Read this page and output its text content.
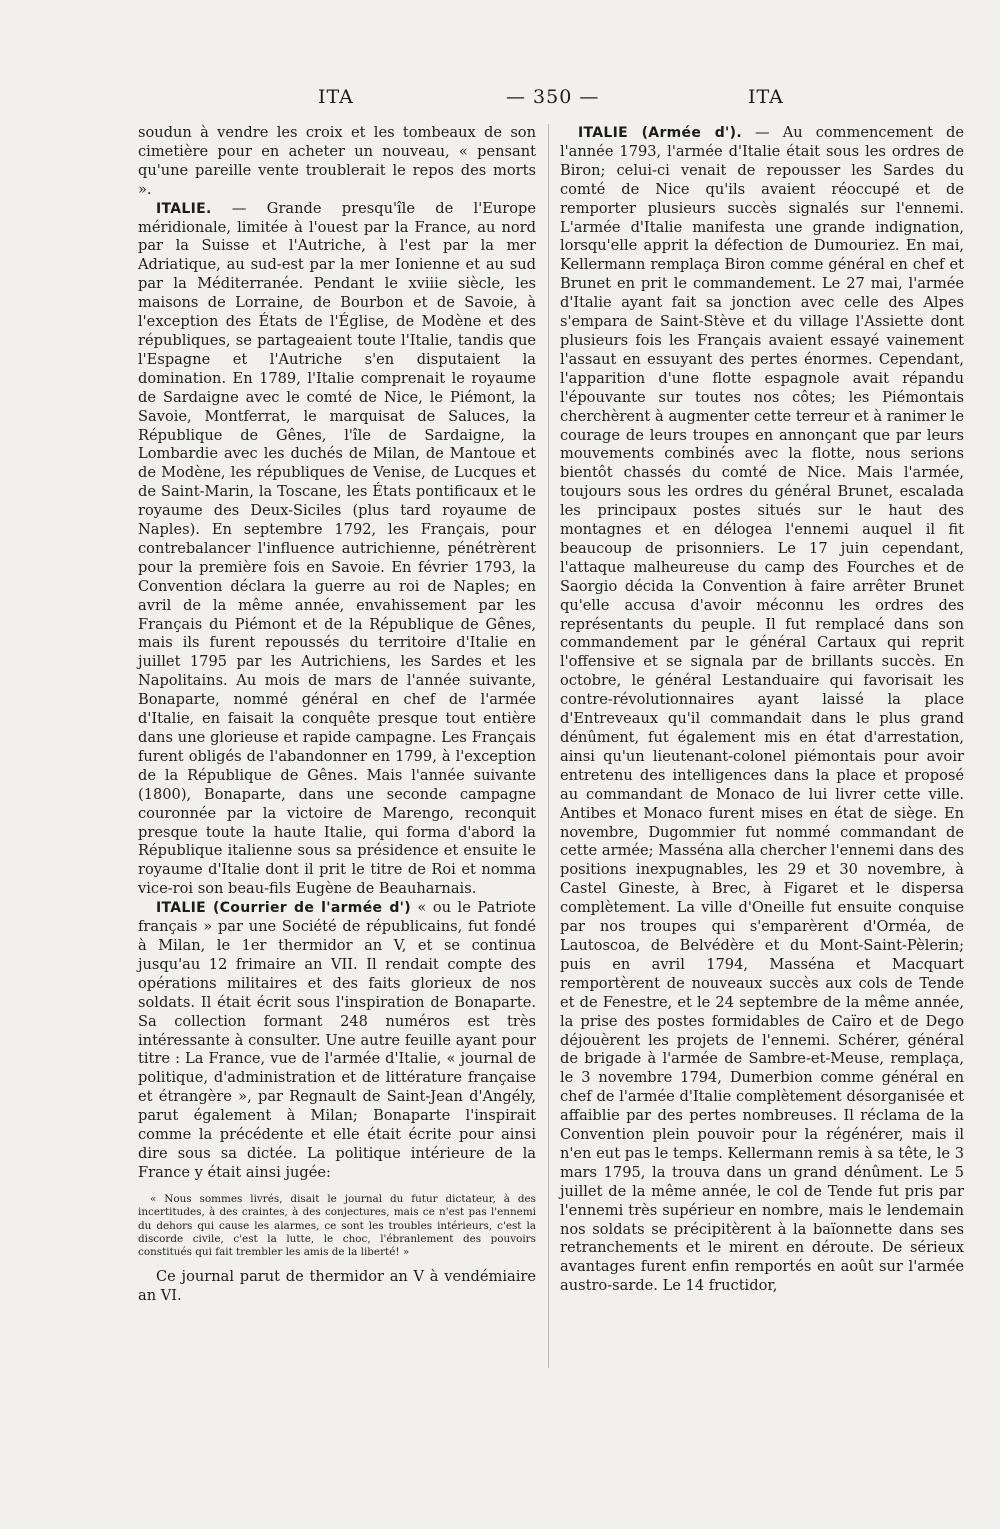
ITA	— 350 —	ITA

soudun à vendre les croix et les tombeaux de son cimetière pour en acheter un nouveau, « pensant qu'une pareille vente troublerait le repos des morts ».

ITALIE. — Grande presqu'île de l'Europe méridionale, limitée à l'ouest par la France, au nord par la Suisse et l'Autriche, à l'est par la mer Adriatique, au sud-est par la mer Ionienne et au sud par la Méditerranée. Pendant le xviiie siècle, les maisons de Lorraine, de Bourbon et de Savoie, à l'exception des États de l'Église, de Modène et des républiques, se partageaient toute l'Italie, tandis que l'Espagne et l'Autriche s'en disputaient la domination. En 1789, l'Italie comprenait le royaume de Sardaigne avec le comté de Nice, le Piémont, la Savoie, Montferrat, le marquisat de Saluces, la République de Gênes, l'île de Sardaigne, la Lombardie avec les duchés de Milan, de Mantoue et de Modène, les républiques de Venise, de Lucques et de Saint-Marin, la Toscane, les États pontificaux et le royaume des Deux-Siciles (plus tard royaume de Naples). En septembre 1792, les Français, pour contrebalancer l'influence autrichienne, pénétrèrent pour la première fois en Savoie. En février 1793, la Convention déclara la guerre au roi de Naples; en avril de la même année, envahissement par les Français du Piémont et de la République de Gênes, mais ils furent repoussés du territoire d'Italie en juillet 1795 par les Autrichiens, les Sardes et les Napolitains. Au mois de mars de l'année suivante, Bonaparte, nommé général en chef de l'armée d'Italie, en faisait la conquête presque tout entière dans une glorieuse et rapide campagne. Les Français furent obligés de l'abandonner en 1799, à l'exception de la République de Gênes. Mais l'année suivante (1800), Bonaparte, dans une seconde campagne couronnée par la victoire de Marengo, reconquit presque toute la haute Italie, qui forma d'abord la République italienne sous sa présidence et ensuite le royaume d'Italie dont il prit le titre de Roi et nomma vice-roi son beau-fils Eugène de Beauharnais.

ITALIE (Courrier de l'armée d') « ou le Patriote français » par une Société de républicains, fut fondé à Milan, le 1er thermidor an V, et se continua jusqu'au 12 frimaire an VII. Il rendait compte des opérations militaires et des faits glorieux de nos soldats. Il était écrit sous l'inspiration de Bonaparte. Sa collection formant 248 numéros est très intéressante à consulter. Une autre feuille ayant pour titre : La France, vue de l'armée d'Italie, « journal de politique, d'administration et de littérature française et étrangère », par Regnault de Saint-Jean d'Angély, parut également à Milan; Bonaparte l'inspirait comme la précédente et elle était écrite pour ainsi dire sous sa dictée. La politique intérieure de la France y était ainsi jugée:

« Nous sommes livrés, disait le journal du futur dictateur, à des incertitudes, à des craintes, à des conjectures, mais ce n'est pas l'ennemi du dehors qui cause les alarmes, ce sont les troubles intérieurs, c'est la discorde civile, c'est la lutte, le choc, l'ébranlement des pouvoirs constitués qui fait trembler les amis de la liberté! »

Ce journal parut de thermidor an V à vendémiaire an VI.

ITALIE (Armée d'). — Au commencement de l'année 1793, l'armée d'Italie était sous les ordres de Biron; celui-ci venait de repousser les Sardes du comté de Nice qu'ils avaient réoccupé et de remporter plusieurs succès signalés sur l'ennemi. L'armée d'Italie manifesta une grande indignation, lorsqu'elle apprit la défection de Dumouriez. En mai, Kellermann remplaça Biron comme général en chef et Brunet en prit le commandement. Le 27 mai, l'armée d'Italie ayant fait sa jonction avec celle des Alpes s'empara de Saint-Stève et du village l'Assiette dont plusieurs fois les Français avaient essayé vainement l'assaut en essuyant des pertes énormes. Cependant, l'apparition d'une flotte espagnole avait répandu l'épouvante sur toutes nos côtes; les Piémontais cherchèrent à augmenter cette terreur et à ranimer le courage de leurs troupes en annonçant que par leurs mouvements combinés avec la flotte, nous serions bientôt chassés du comté de Nice. Mais l'armée, toujours sous les ordres du général Brunet, escalada les principaux postes situés sur le haut des montagnes et en délogea l'ennemi auquel il fit beaucoup de prisonniers. Le 17 juin cependant, l'attaque malheureuse du camp des Fourches et de Saorgio décida la Convention à faire arrêter Brunet qu'elle accusa d'avoir méconnu les ordres des représentants du peuple. Il fut remplacé dans son commandement par le général Cartaux qui reprit l'offensive et se signala par de brillants succès. En octobre, le général Lestanduaire qui favorisait les contre-révolutionnaires ayant laissé la place d'Entreveaux qu'il commandait dans le plus grand dénûment, fut également mis en état d'arrestation, ainsi qu'un lieutenant-colonel piémontais pour avoir entretenu des intelligences dans la place et proposé au commandant de Monaco de lui livrer cette ville. Antibes et Monaco furent mises en état de siège. En novembre, Dugommier fut nommé commandant de cette armée; Masséna alla chercher l'ennemi dans des positions inexpugnables, les 29 et 30 novembre, à Castel Gineste, à Brec, à Figaret et le dispersa complètement. La ville d'Oneille fut ensuite conquise par nos troupes qui s'emparèrent d'Orméa, de Lautoscoa, de Belvédère et du Mont-Saint-Pèlerin; puis en avril 1794, Masséna et Macquart remportèrent de nouveaux succès aux cols de Tende et de Fenestre, et le 24 septembre de la même année, la prise des postes formidables de Caïro et de Dego déjouèrent les projets de l'ennemi. Schérer, général de brigade à l'armée de Sambre-et-Meuse, remplaça, le 3 novembre 1794, Dumerbion comme général en chef de l'armée d'Italie complètement désorganisée et affaiblie par des pertes nombreuses. Il réclama de la Convention plein pouvoir pour la régénérer, mais il n'en eut pas le temps. Kellermann remis à sa tête, le 3 mars 1795, la trouva dans un grand dénûment. Le 5 juillet de la même année, le col de Tende fut pris par l'ennemi très supérieur en nombre, mais le lendemain nos soldats se précipitèrent à la baïonnette dans ses retranchements et le mirent en déroute. De sérieux avantages furent enfin remportés en août sur l'armée austro-sarde. Le 14 fructidor,
